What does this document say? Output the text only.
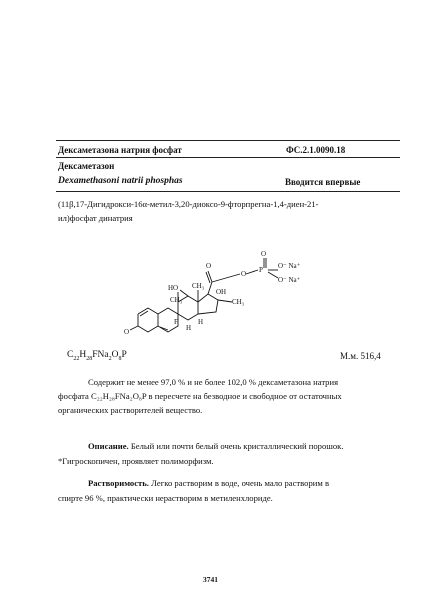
Дексаметазона натрия фосфат	ФС.2.1.0090.18
Дексаметазон
Dexamethasoni natrii phosphas	Вводится впервые
(11β,17-Дигидрокси-16α-метил-3,20-диоксо-9-фторпрегна-1,4-диен-21-
ил)фосфат динатрия
O
O P
O
O⁻ Na⁺
O⁻ Na⁺
OH
HO CH₃
CH₃	CH₃
H
H
F
O
$C_{22}H_{28}FNa_2O_8P$	М.м. 516,4
Содержит не менее 97,0 % и не более 102,0 % дексаметазона натрия
фосфата C₂₂H₂₈FNa₂O₈P в пересчете на безводное и свободное от остаточных
органических растворителей вещество.
Описание. Белый или почти белый очень кристаллический порошок.
*Гигроскопичен, проявляет полиморфизм.
Растворимость. Легко растворим в воде, очень мало растворим в
спирте 96 %, практически нерастворим в метиленхлориде.
3741
